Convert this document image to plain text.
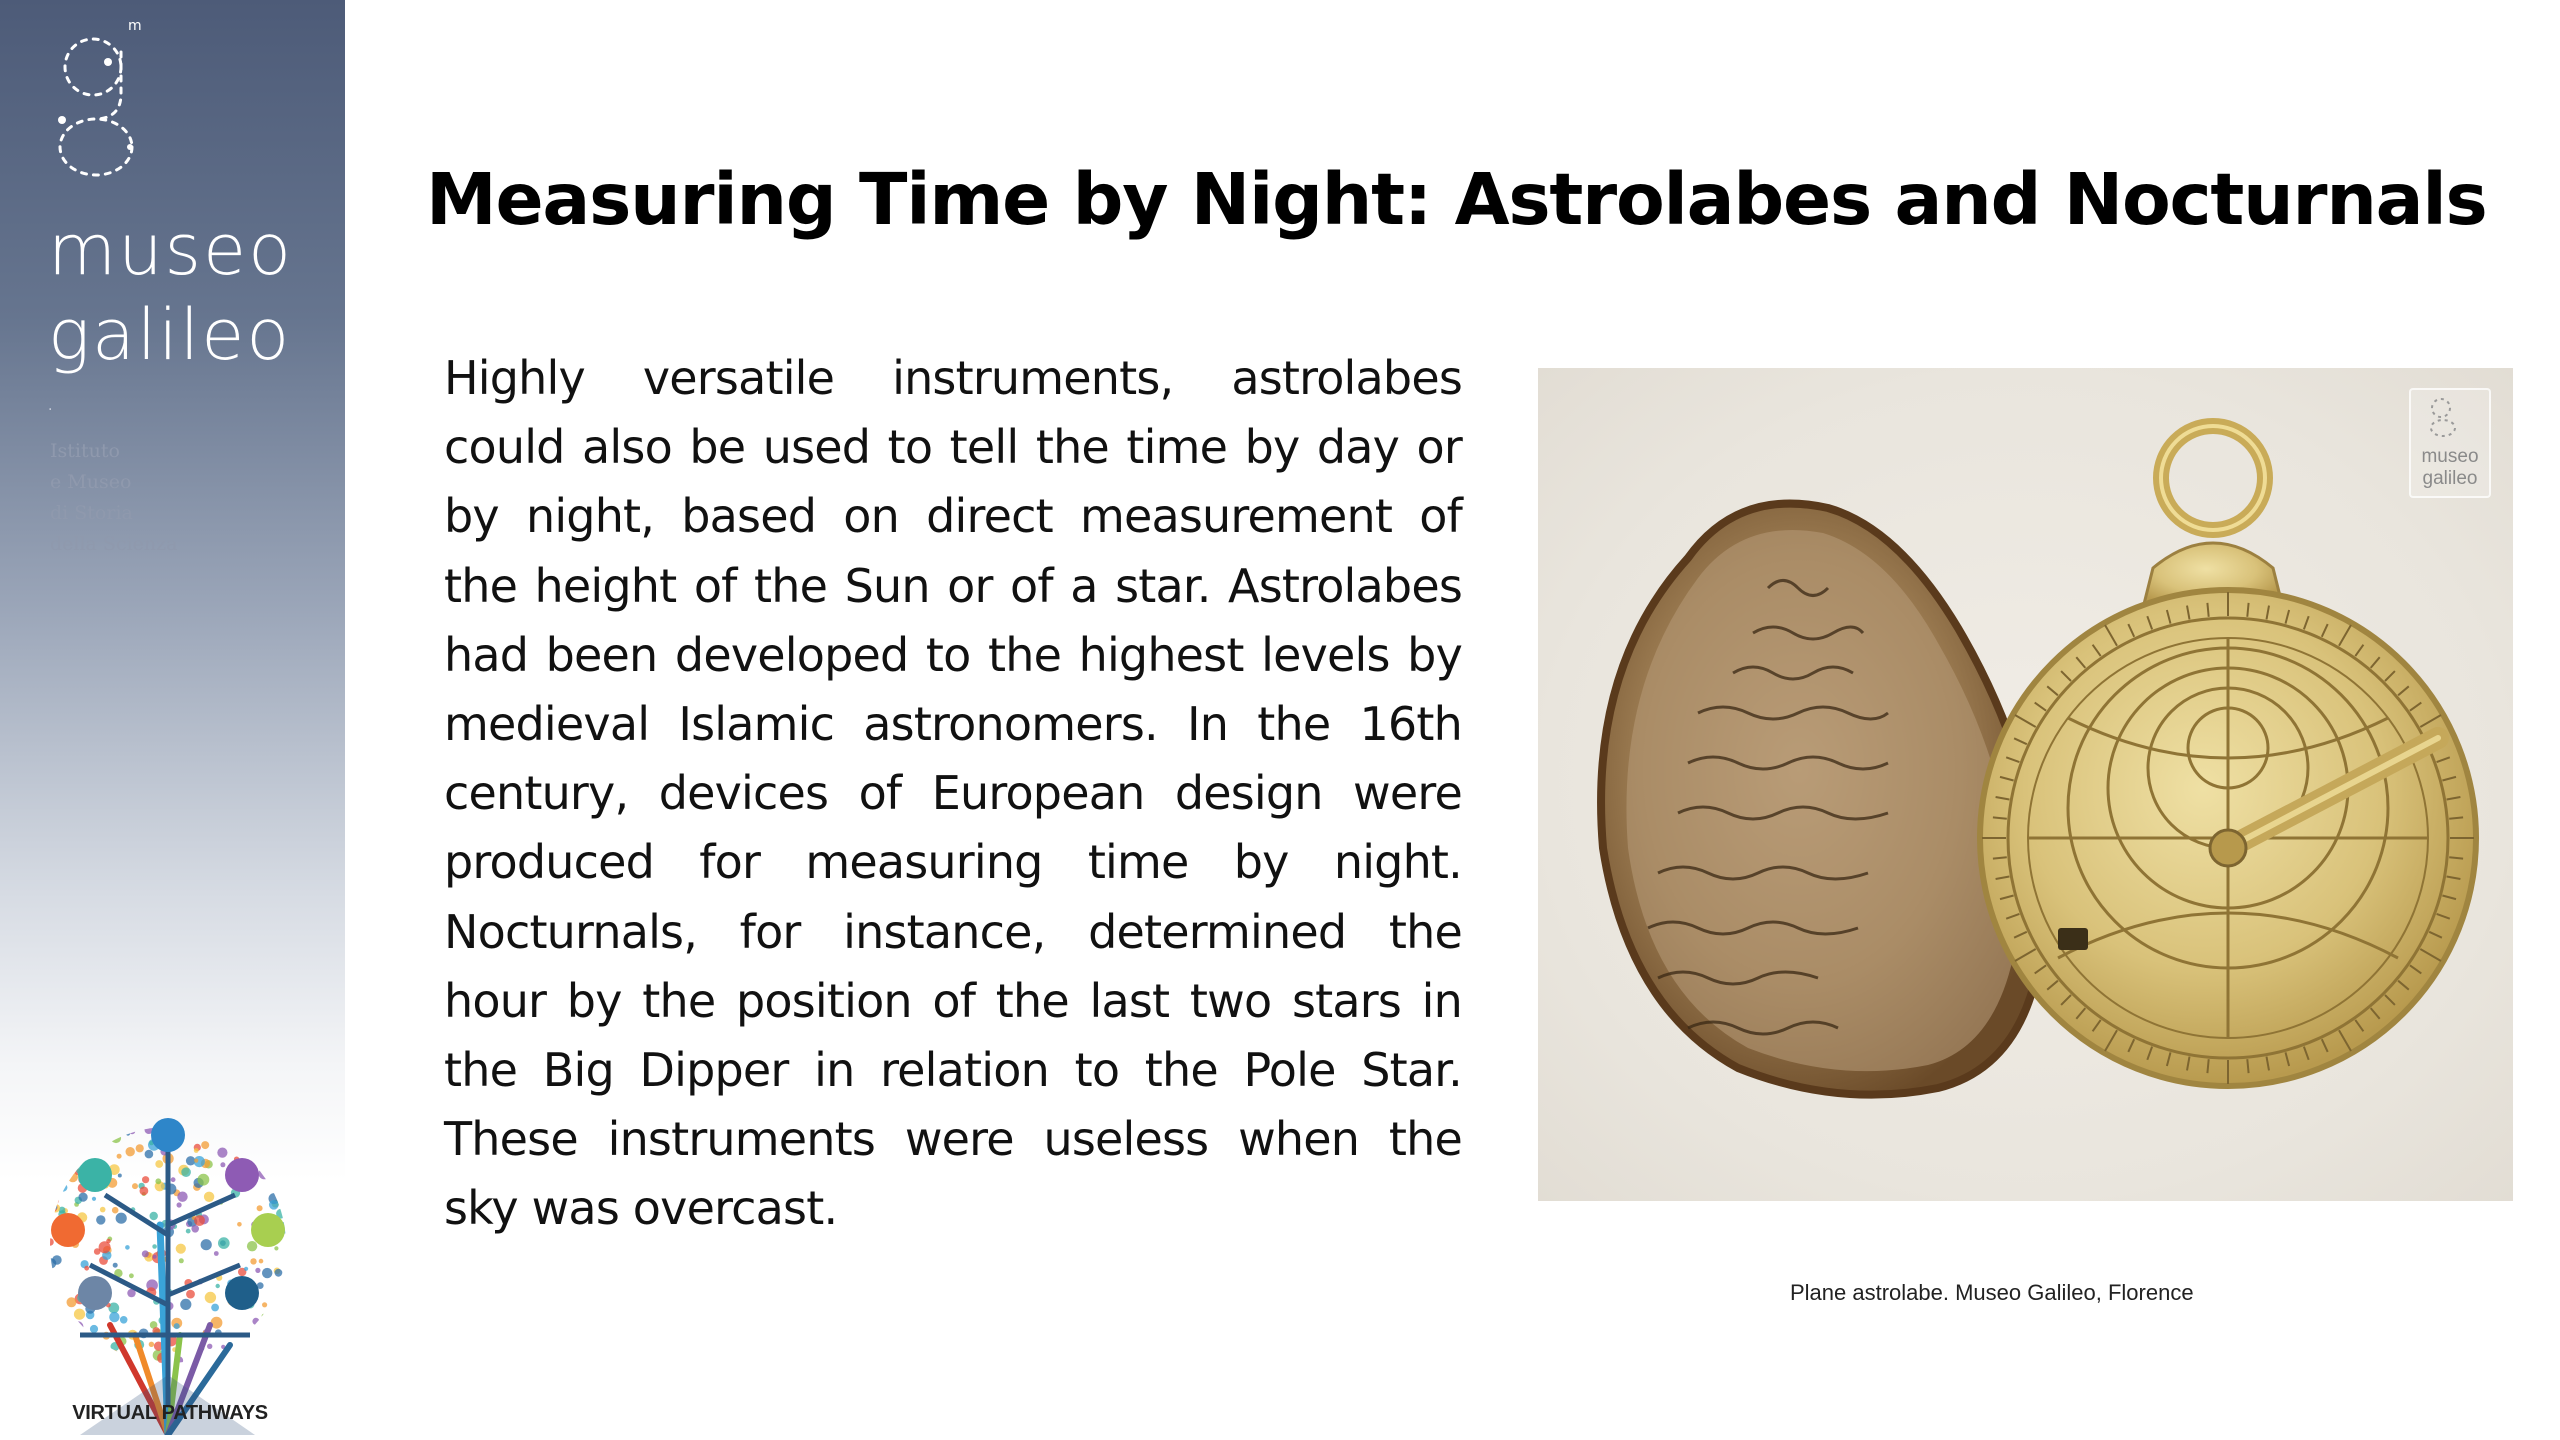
m
museo
galileo
·
Istituto
e Museo
di Storia
della Scienza
VIRTUAL PATHWAYS
Measuring Time by Night: Astrolabes and Nocturnals

Highly versatile instruments, astrolabes could also be used to tell the time by day or by night, based on direct measurement of the height of the Sun or of a star. Astrolabes had been developed to the highest levels by medieval Islamic astronomers. In the 16th century, devices of European design were produced for measuring time by night. Nocturnals, for instance, determined the hour by the position of the last two stars in the Big Dipper in relation to the Pole Star. These instruments were useless when the sky was overcast.

museo
galileo
Plane astrolabe. Museo Galileo, Florence
